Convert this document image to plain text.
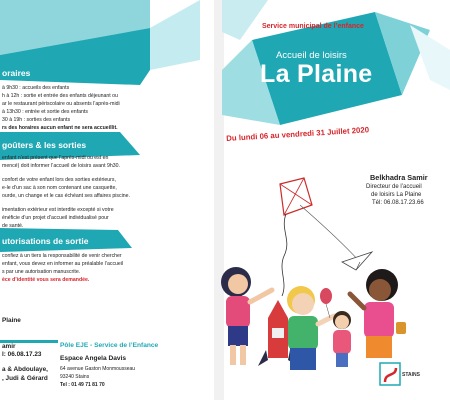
oraires
à 9h30 : accueils des enfants
h à 12h : sortie et entrée des enfants déjeunant ou
ar le restaurant périscolaire ou absents l’après-midi
à 13h30 : entrée et sortie des enfants
30 à 19h : sorties des enfants
rs des horaires aucun enfant ne sera accueillit.
goûters & les sorties
enfant n’est présent que l’après-midi ou est en
mencé) doit informer l’accueil de loisirs avant 9h30.
confort de votre enfant lors des sorties extérieurs,
e-le d’un sac à son nom contenant une casquette,
ourde, un change et le cas échéant ses affaires piscine.
imentation extérieur est interdite excepté si votre
énéficie d’un projet d’accueil individualisé pour
de santé.
utorisations de sortie
confiez à un tiers la responsabilité de venir chercher
enfant, vous devez en informer au préalable l’accueil
s par une autorisation manuscrite.
èce d’identité vous sera demandée.
Plaine
amir
l: 06.08.17.23
a & Abdoulaye,
, Judi & Gérard
Pôle EJE - Service de l’Enfance
Espace Angela Davis
64 avenue Gaston Monmousseau
93240 Stains
Tel : 01 49 71 81 70
Service municipal de l’enfance
Accueil de loisirs
La Plaine
Du lundi 06 au vendredi 31 Juillet 2020
Belkhadra Samir
Directeur de l’accueil
de loisirs La Plaine
Tél: 06.08.17.23.66
STAINS
